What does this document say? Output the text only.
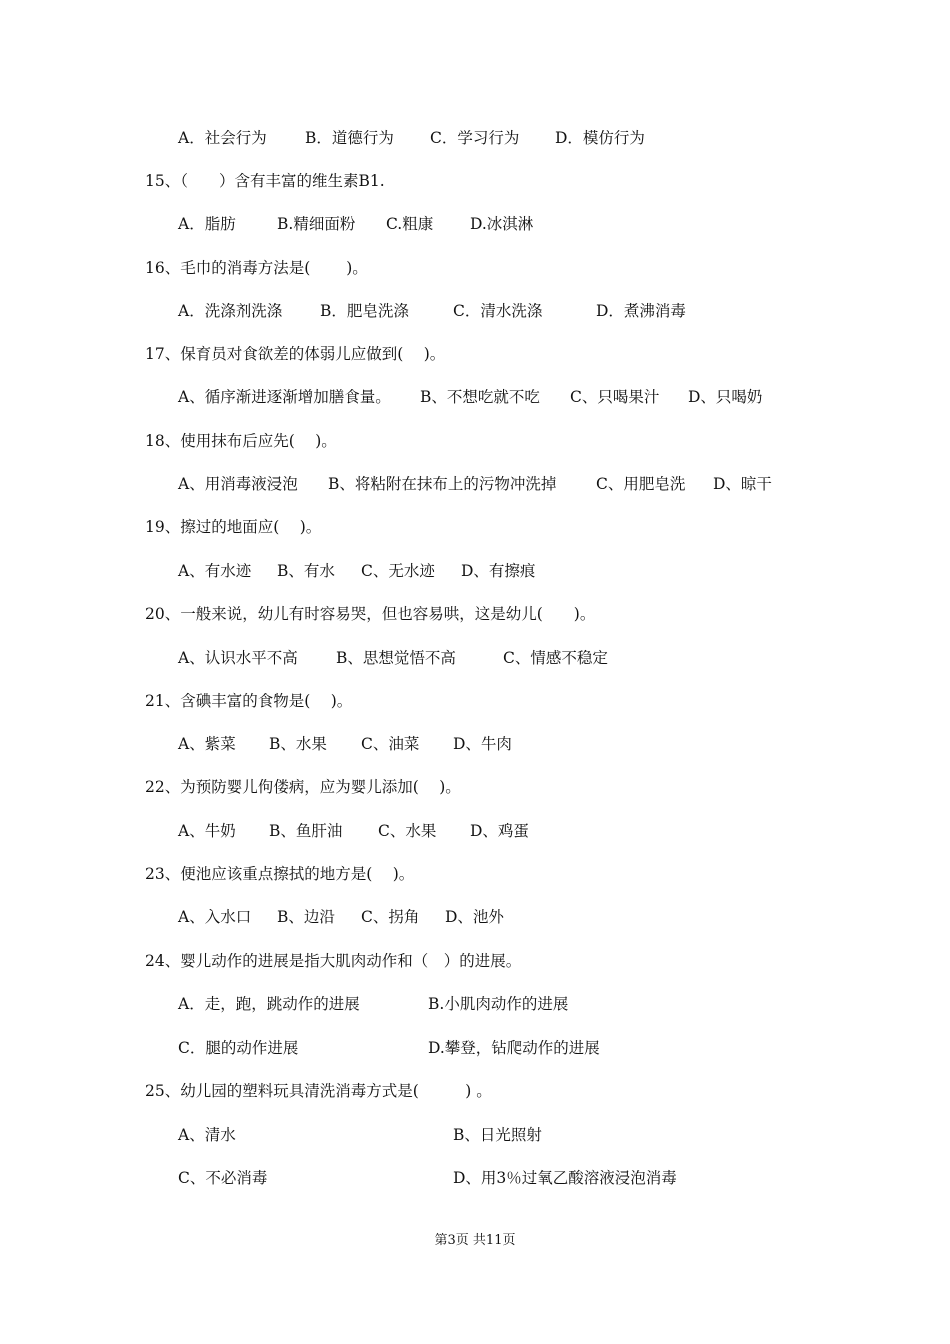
A．社会行为 B．道德行为 C．学习行为 D．模仿行为
15、（　　）含有丰富的维生素B1.
A．脂肪	B.精细面粉 C.粗康 D.冰淇淋
16、毛巾的消毒方法是(　　 )。
A．洗涤剂洗涤 B．肥皂洗涤	C．清水洗涤	D．煮沸消毒
17、保育员对食欲差的体弱儿应做到(　 )。
A、循序渐进逐渐增加膳食量。 B、不想吃就不吃 C、只喝果汁 D、只喝奶
18、使用抹布后应先(　 )。
A、用消毒液浸泡 B、将粘附在抹布上的污物冲洗掉	C、用肥皂洗 D、晾干
19、擦过的地面应(　 )。
A、有水迹 B、有水 C、无水迹 D、有擦痕
20、一般来说，幼儿有时容易哭，但也容易哄，这是幼儿(　　)。
A、认识水平不高 B、思想觉悟不高	C、情感不稳定
21、含碘丰富的食物是(　 )。
A、紫菜 B、水果 C、油菜 D、牛肉
22、为预防婴儿佝偻病，应为婴儿添加(　 )。
A、牛奶 B、鱼肝油 C、水果 D、鸡蛋
23、便池应该重点擦拭的地方是(　 )。
A、入水口 B、边沿 C、拐角 D、池外
24、婴儿动作的进展是指大肌肉动作和（　）的进展。
A．走，跑，跳动作的进展	B.小肌肉动作的进展
C．腿的动作进展	D.攀登，钻爬动作的进展
25、幼儿园的塑料玩具清洗消毒方式是(　　　) 。
A、清水	B、日光照射
C、不必消毒	D、用3％过氧乙酸溶液浸泡消毒
第3页 共11页
